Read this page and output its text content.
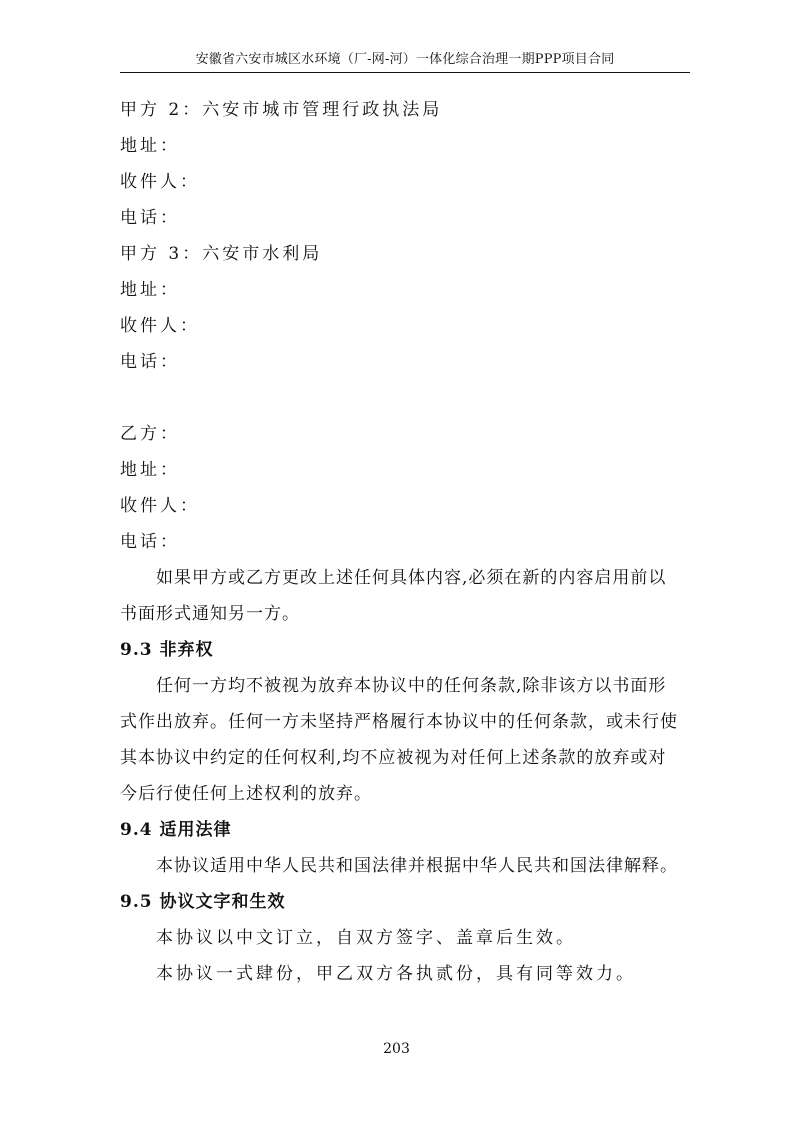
安徽省六安市城区水环境（厂-网-河）一体化综合治理一期PPP项目合同
甲方 2：六安市城市管理行政执法局
地址：
收件人：
电话：
甲方 3：六安市水利局
地址：
收件人：
电话：
乙方：
地址：
收件人：
电话：
如果甲方或乙方更改上述任何具体内容,必须在新的内容启用前以
书面形式通知另一方。
9.3 非弃权
任何一方均不被视为放弃本协议中的任何条款,除非该方以书面形
式作出放弃。任何一方未坚持严格履行本协议中的任何条款，或未行使
其本协议中约定的任何权利,均不应被视为对任何上述条款的放弃或对
今后行使任何上述权利的放弃。
9.4 适用法律
本协议适用中华人民共和国法律并根据中华人民共和国法律解释。
9.5 协议文字和生效
本协议以中文订立，自双方签字、盖章后生效。
本协议一式肆份，甲乙双方各执贰份，具有同等效力。
203
